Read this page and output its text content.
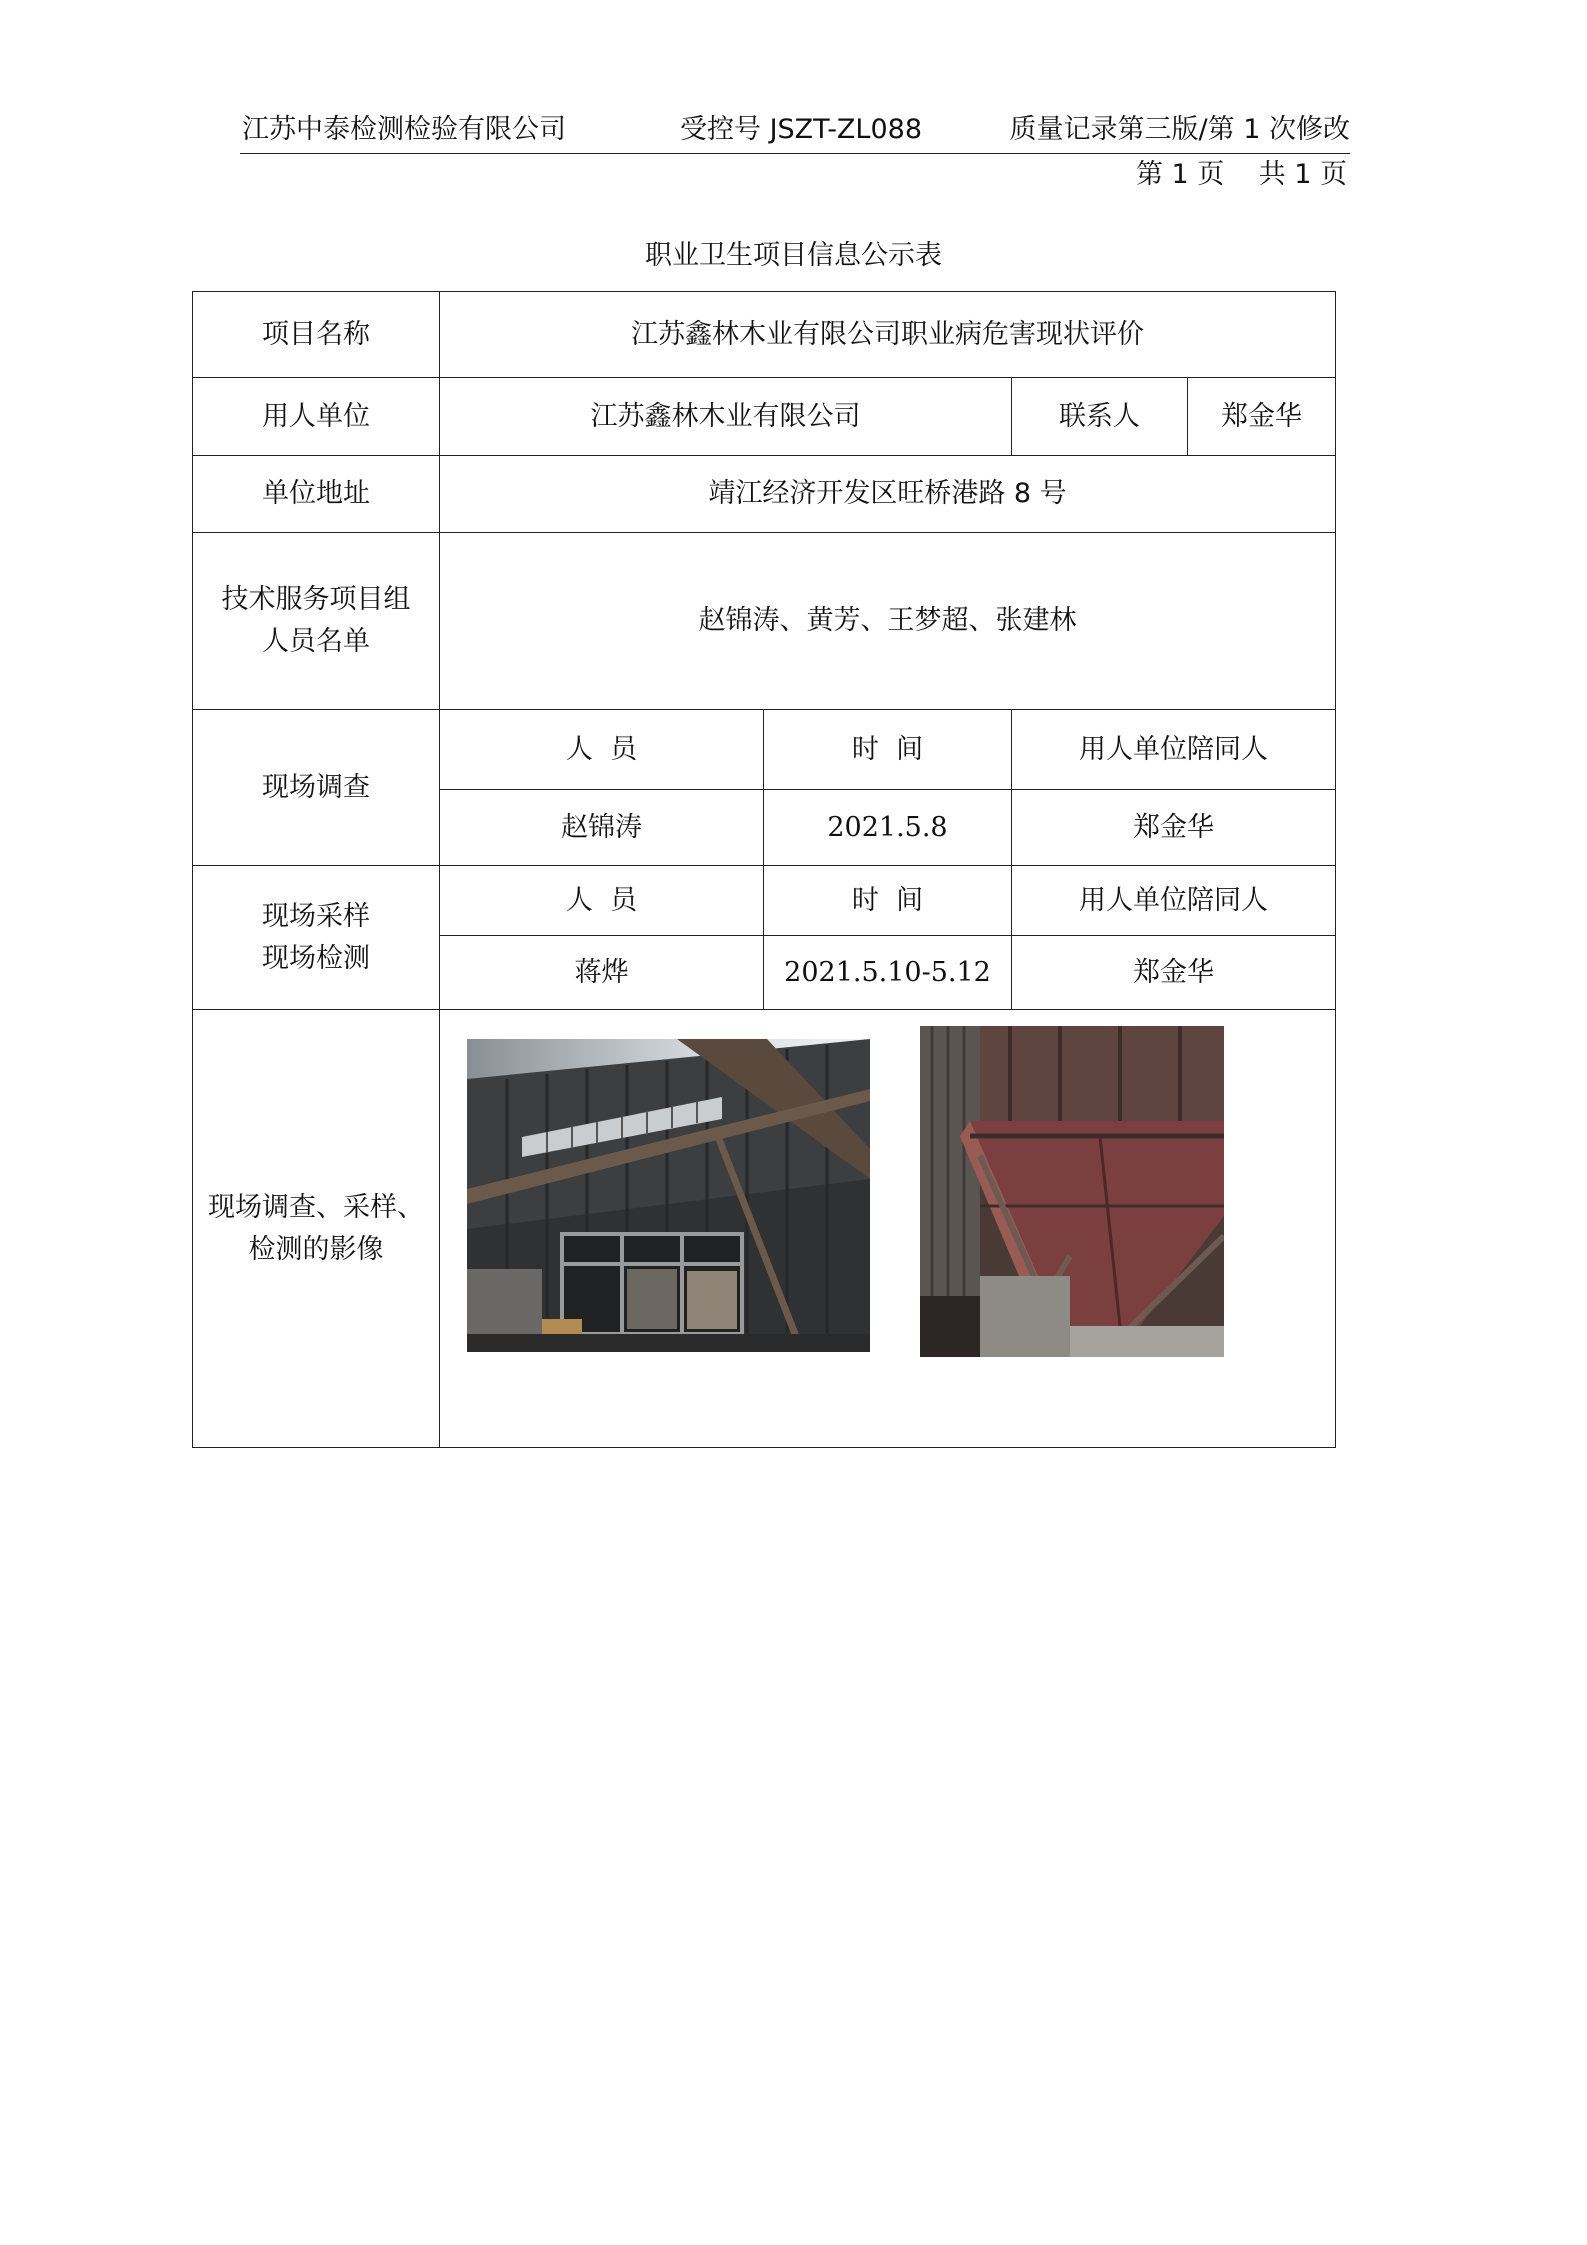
江苏中泰检测检验有限公司	受控号 JSZT-ZL088	质量记录第三版/第 1 次修改
第 1 页    共 1 页
职业卫生项目信息公示表
项目名称	江苏鑫林木业有限公司职业病危害现状评价			
用人单位	江苏鑫林木业有限公司		联系人	郑金华
单位地址	靖江经济开发区旺桥港路 8 号			

技术服务项目组
人员名单	赵锦涛、黄芳、王梦超、张建林			
现场调查	人  员	时  间	用人单位陪同人	
	赵锦涛	2021.5.8	郑金华	

现场采样
现场检测	人  员	时  间	用人单位陪同人	
	蒋烨	2021.5.10-5.12	郑金华	

现场调查、采样、
检测的影像				
